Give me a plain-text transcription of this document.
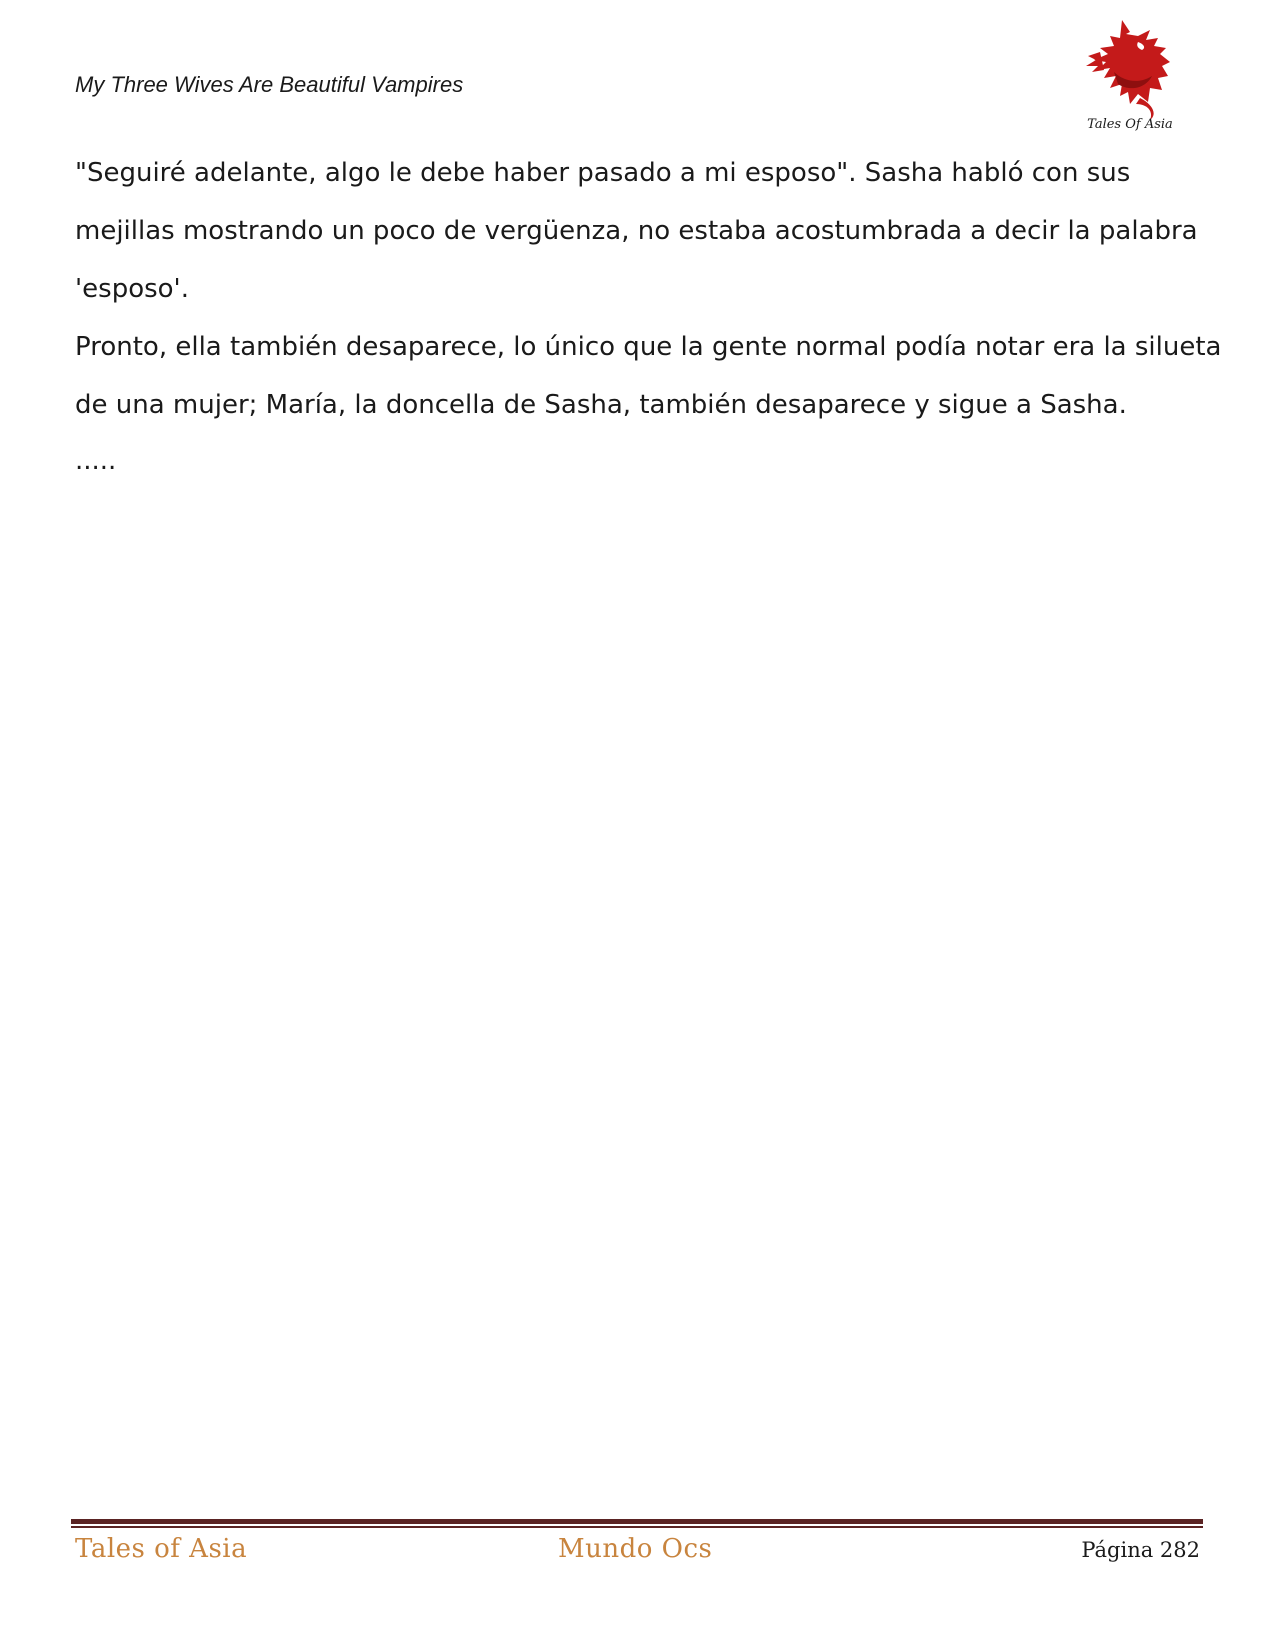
My Three Wives Are Beautiful Vampires
Tales Of Asia

"Seguiré adelante, algo le debe haber pasado a mi esposo". Sasha habló con sus

mejillas mostrando un poco de vergüenza, no estaba acostumbrada a decir la palabra

'esposo'.

Pronto, ella también desaparece, lo único que la gente normal podía notar era la silueta

de una mujer; María, la doncella de Sasha, también desaparece y sigue a Sasha.

.....

Tales of Asia	Mundo Ocs	Página 282
